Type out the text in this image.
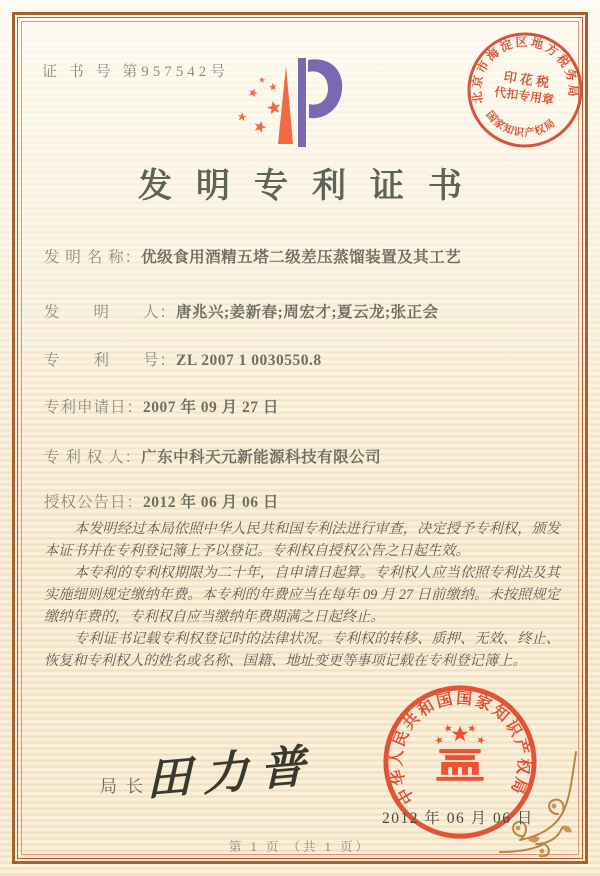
证 书 号 第957542号
北京市海淀区地方税务局
国家知识产权局
印 花 税
代扣专用章
发明专利证书
发 明 名 称：优级食用酒精五塔二级差压蒸馏装置及其工艺
发　　明　　人：唐兆兴;姜新春;周宏才;夏云龙;张正会
专　　利　　号：ZL 2007 1 0030550.8
专利申请日：2007 年 09 月 27 日
专 利 权 人：广东中科天元新能源科技有限公司
授权公告日：2012 年 06 月 06 日

本发明经过本局依照中华人民共和国专利法进行审查，决定授予专利权，颁发本证书并在专利登记簿上予以登记。专利权自授权公告之日起生效。

本专利的专利权期限为二十年，自申请日起算。专利权人应当依照专利法及其实施细则规定缴纳年费。本专利的年费应当在每年 09 月 27 日前缴纳。未按照规定缴纳年费的，专利权自应当缴纳年费期满之日起终止。

专利证书记载专利权登记时的法律状况。专利权的转移、质押、无效、终止、恢复和专利权人的姓名或名称、国籍、地址变更等事项记载在专利登记簿上。

局长
田力普	中华人民共和国国家知识产权局
2012 年 06 月 06 日
第 1 页 （共 1 页）
